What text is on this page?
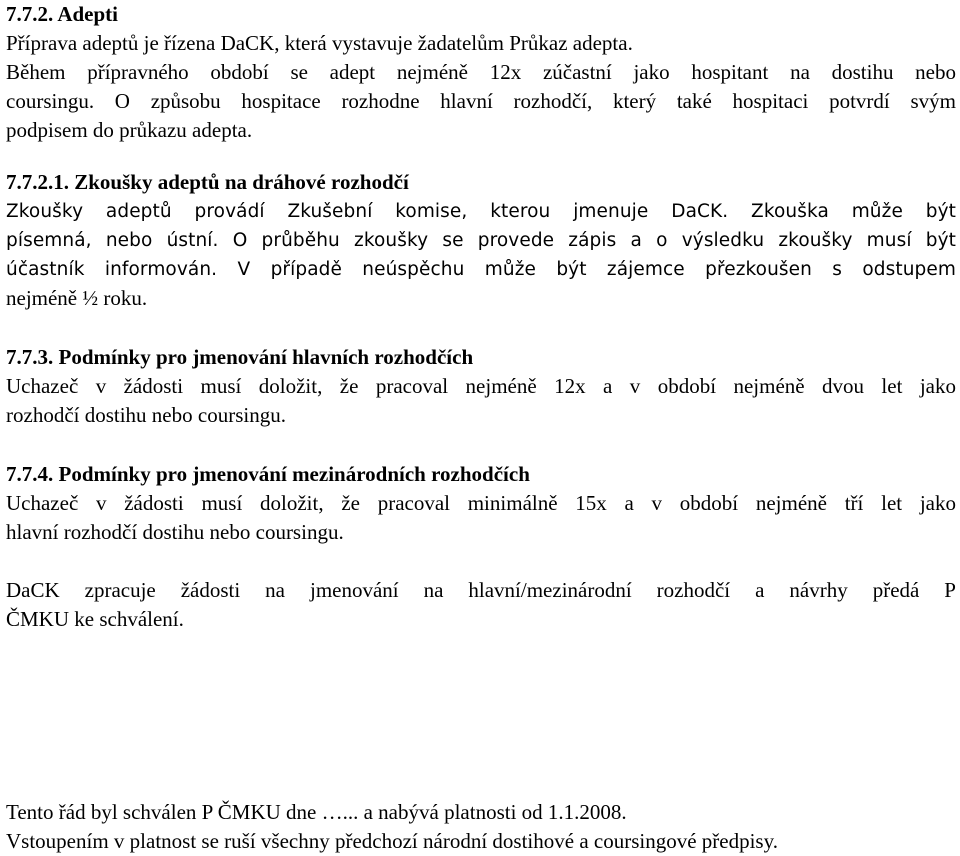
7.7.2. Adepti
Příprava adeptů je řízena DaCK, která vystavuje žadatelům Průkaz adepta.
Během přípravného období se adept nejméně 12x zúčastní jako hospitant na dostihu nebo
coursingu. O způsobu hospitace rozhodne hlavní rozhodčí, který také hospitaci potvrdí svým
podpisem do průkazu adepta.
7.7.2.1. Zkoušky adeptů na dráhové rozhodčí
Zkoušky adeptů provádí Zkušební komise, kterou jmenuje DaCK. Zkouška může být
písemná, nebo ústní. O průběhu zkoušky se provede zápis a o výsledku zkoušky musí být
účastník informován. V případě neúspěchu může být zájemce přezkoušen s odstupem
nejméně ½ roku.
7.7.3. Podmínky pro jmenování hlavních rozhodčích
Uchazeč v žádosti musí doložit, že pracoval nejméně 12x a v období nejméně dvou let jako
rozhodčí dostihu nebo coursingu.
7.7.4. Podmínky pro jmenování mezinárodních rozhodčích
Uchazeč v žádosti musí doložit, že pracoval minimálně 15x a v období nejméně tří let jako
hlavní rozhodčí dostihu nebo coursingu.
DaCK zpracuje žádosti na jmenování na hlavní/mezinárodní rozhodčí a návrhy předá P
ČMKU ke schválení.
Tento řád byl schválen P ČMKU dne …... a nabývá platnosti od 1.1.2008.
Vstoupením v platnost se ruší všechny předchozí národní dostihové a coursingové předpisy.
